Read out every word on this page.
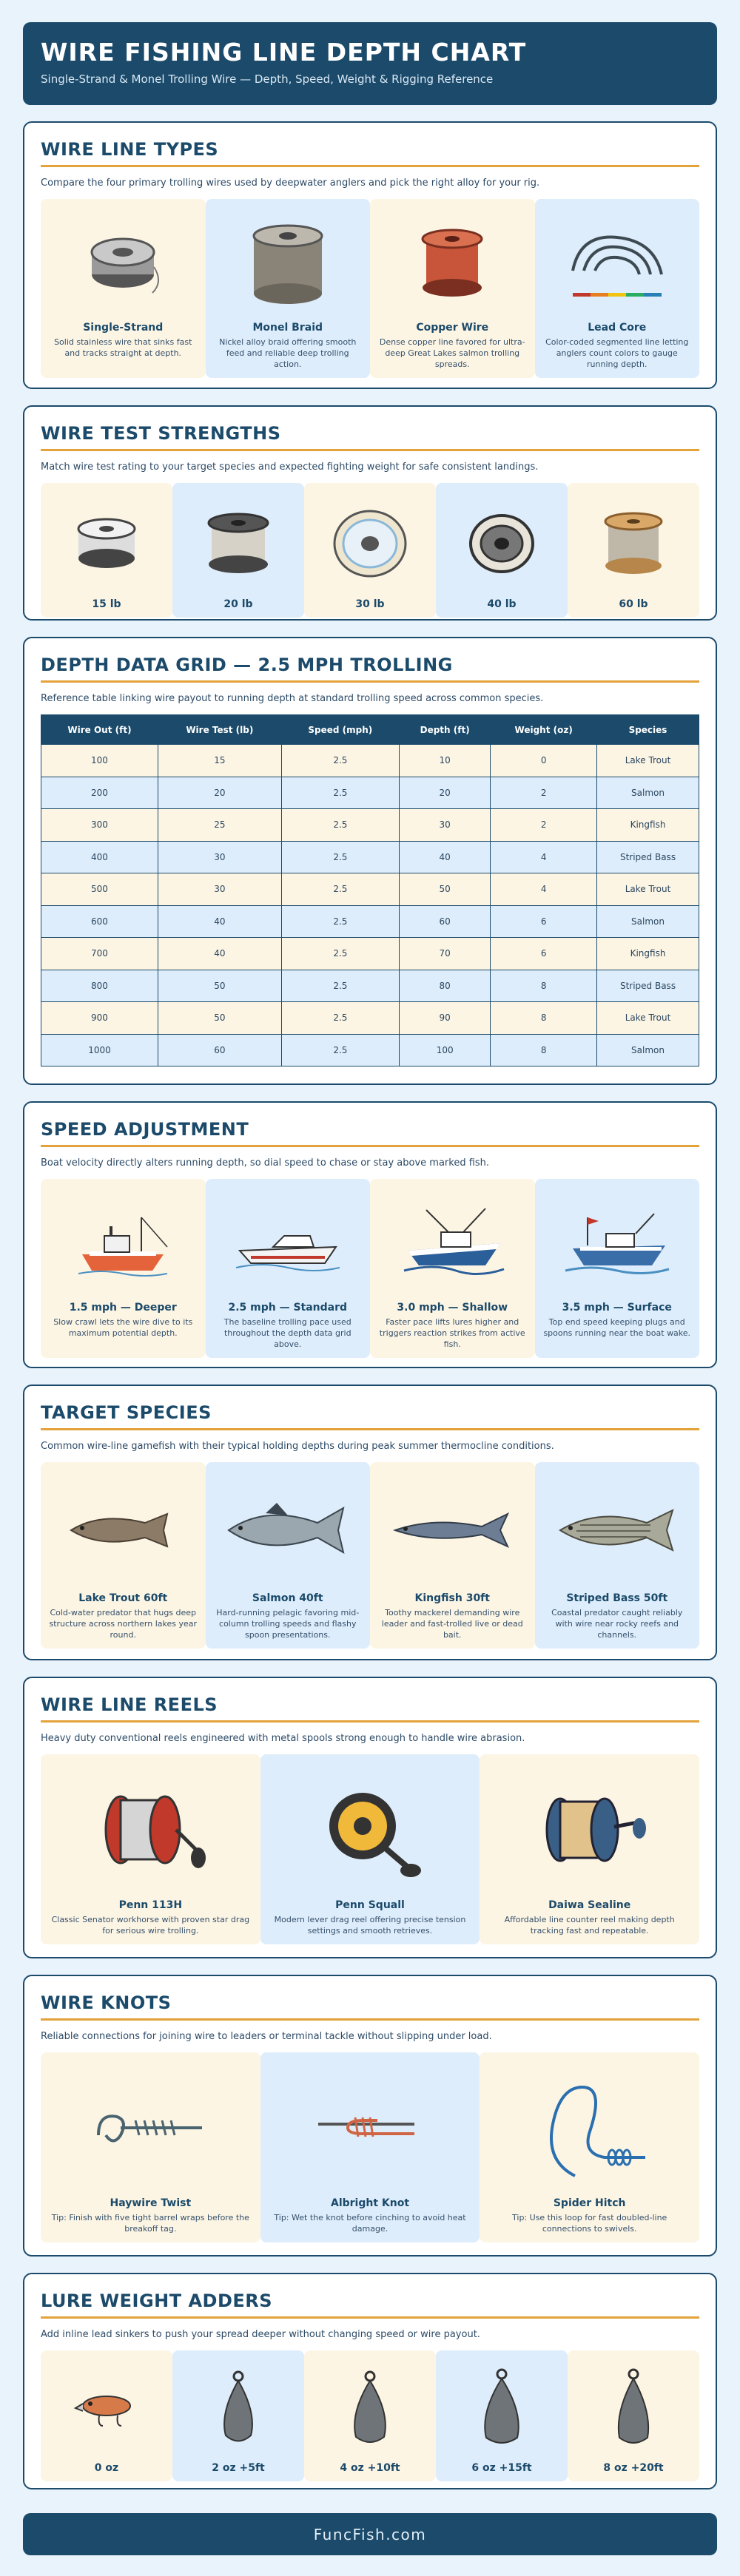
WIRE FISHING LINE DEPTH CHART

Single-Strand & Monel Trolling Wire — Depth, Speed, Weight & Rigging Reference

WIRE LINE TYPES

Compare the four primary trolling wires used by deepwater anglers and pick the right alloy for your rig.

Single-Strand
Solid stainless wire that sinks fast and tracks straight at depth.
Monel Braid
Nickel alloy braid offering smooth feed and reliable deep trolling action.
Copper Wire
Dense copper line favored for ultra-deep Great Lakes salmon trolling spreads.
Lead Core
Color-coded segmented line letting anglers count colors to gauge running depth.
WIRE TEST STRENGTHS

Match wire test rating to your target species and expected fighting weight for safe consistent landings.

15 lb	20 lb	30 lb	40 lb	60 lb
DEPTH DATA GRID — 2.5 MPH TROLLING

Reference table linking wire payout to running depth at standard trolling speed across common species.

Wire Out (ft)	Wire Test (lb)	Speed (mph)	Depth (ft)	Weight (oz)	Species
100	15	2.5	10	0	Lake Trout
200	20	2.5	20	2	Salmon
300	25	2.5	30	2	Kingfish
400	30	2.5	40	4	Striped Bass
500	30	2.5	50	4	Lake Trout
600	40	2.5	60	6	Salmon
700	40	2.5	70	6	Kingfish
800	50	2.5	80	8	Striped Bass
900	50	2.5	90	8	Lake Trout
1000	60	2.5	100	8	Salmon
SPEED ADJUSTMENT

Boat velocity directly alters running depth, so dial speed to chase or stay above marked fish.

1.5 mph — Deeper
Slow crawl lets the wire dive to its maximum potential depth.
2.5 mph — Standard
The baseline trolling pace used throughout the depth data grid above.
3.0 mph — Shallow
Faster pace lifts lures higher and triggers reaction strikes from active fish.
3.5 mph — Surface
Top end speed keeping plugs and spoons running near the boat wake.
TARGET SPECIES

Common wire-line gamefish with their typical holding depths during peak summer thermocline conditions.

Lake Trout 60ft
Cold-water predator that hugs deep structure across northern lakes year round.
Salmon 40ft
Hard-running pelagic favoring mid-column trolling speeds and flashy spoon presentations.
Kingfish 30ft
Toothy mackerel demanding wire leader and fast-trolled live or dead bait.
Striped Bass 50ft
Coastal predator caught reliably with wire near rocky reefs and channels.
WIRE LINE REELS

Heavy duty conventional reels engineered with metal spools strong enough to handle wire abrasion.

Penn 113H
Classic Senator workhorse with proven star drag for serious wire trolling.
Penn Squall
Modern lever drag reel offering precise tension settings and smooth retrieves.
Daiwa Sealine
Affordable line counter reel making depth tracking fast and repeatable.
WIRE KNOTS

Reliable connections for joining wire to leaders or terminal tackle without slipping under load.

Haywire Twist
Tip: Finish with five tight barrel wraps before the breakoff tag.
Albright Knot
Tip: Wet the knot before cinching to avoid heat damage.
Spider Hitch
Tip: Use this loop for fast doubled-line connections to swivels.
LURE WEIGHT ADDERS

Add inline lead sinkers to push your spread deeper without changing speed or wire payout.

0 oz	2 oz +5ft	4 oz +10ft	6 oz +15ft	8 oz +20ft
FuncFish.com
